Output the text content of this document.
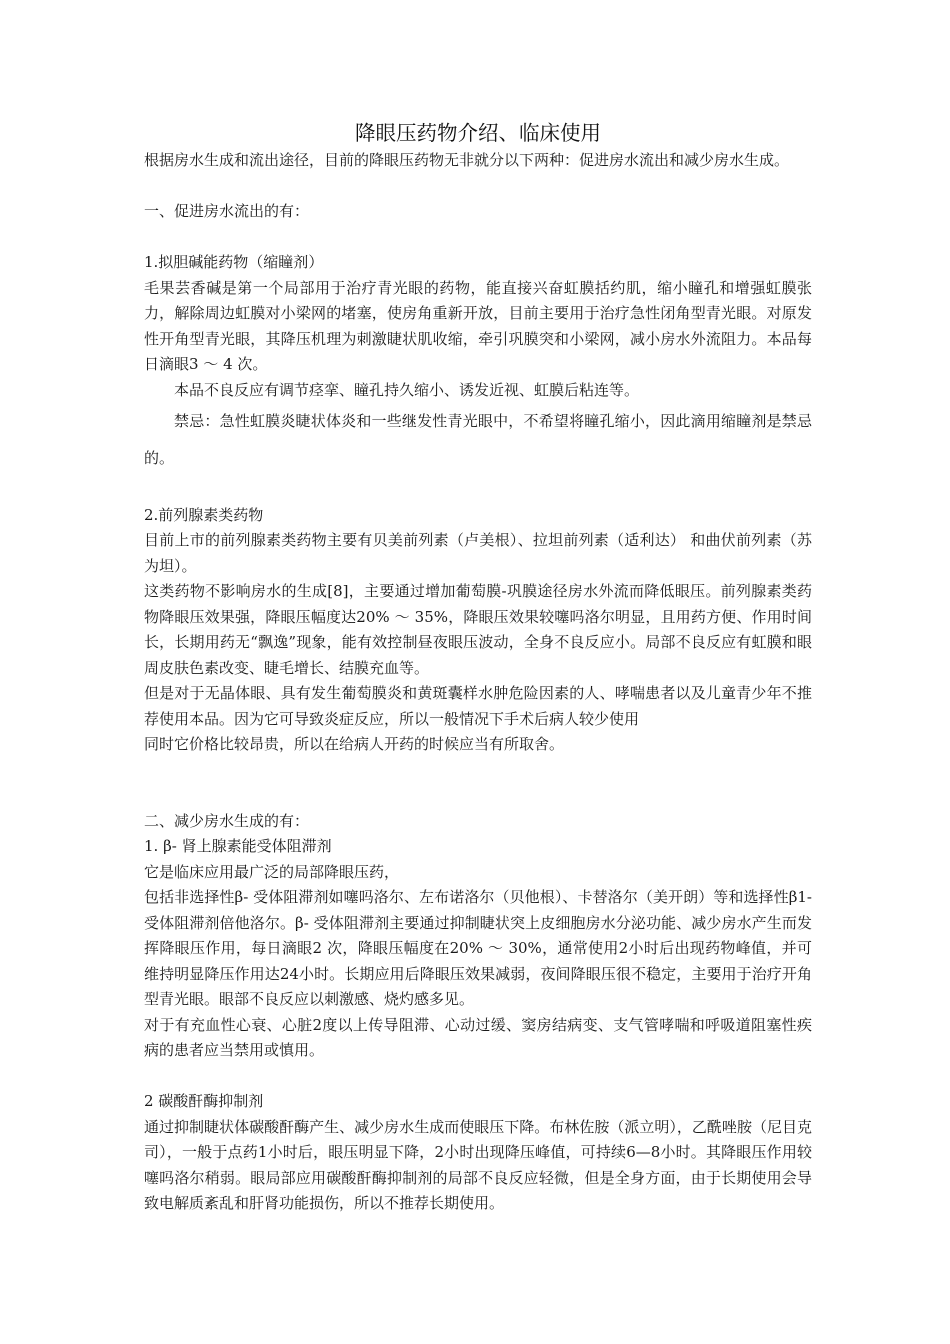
降眼压药物介绍、临床使用

根据房水生成和流出途径，目前的降眼压药物无非就分以下两种：促进房水流出和减少房水生成。

一、促进房水流出的有：

1.拟胆碱能药物（缩瞳剂）

毛果芸香碱是第一个局部用于治疗青光眼的药物，能直接兴奋虹膜括约肌，缩小瞳孔和增强虹膜张力，解除周边虹膜对小梁网的堵塞，使房角重新开放，目前主要用于治疗急性闭角型青光眼。对原发性开角型青光眼，其降压机理为刺激睫状肌收缩，牵引巩膜突和小梁网，减小房水外流阻力。本品每日滴眼3 ～ 4 次。

本品不良反应有调节痉挛、瞳孔持久缩小、诱发近视、虹膜后粘连等。

禁忌：急性虹膜炎睫状体炎和一些继发性青光眼中，不希望将瞳孔缩小，因此滴用缩瞳剂是禁忌的。

2.前列腺素类药物

目前上市的前列腺素类药物主要有贝美前列素（卢美根）、拉坦前列素（适利达） 和曲伏前列素（苏为坦）。

这类药物不影响房水的生成[8]，主要通过增加葡萄膜-巩膜途径房水外流而降低眼压。前列腺素类药物降眼压效果强，降眼压幅度达20% ～ 35%，降眼压效果较噻吗洛尔明显，且用药方便、作用时间长，长期用药无“飘逸”现象，能有效控制昼夜眼压波动，全身不良反应小。局部不良反应有虹膜和眼周皮肤色素改变、睫毛增长、结膜充血等。

但是对于无晶体眼、具有发生葡萄膜炎和黄斑囊样水肿危险因素的人、哮喘患者以及儿童青少年不推荐使用本品。因为它可导致炎症反应，所以一般情况下手术后病人较少使用

同时它价格比较昂贵，所以在给病人开药的时候应当有所取舍。

二、减少房水生成的有：

1. β- 肾上腺素能受体阻滞剂

它是临床应用最广泛的局部降眼压药，

包括非选择性β- 受体阻滞剂如噻吗洛尔、左布诺洛尔（贝他根）、卡替洛尔（美开朗）等和选择性β1- 受体阻滞剂倍他洛尔。β- 受体阻滞剂主要通过抑制睫状突上皮细胞房水分泌功能、减少房水产生而发挥降眼压作用，每日滴眼2 次，降眼压幅度在20% ～ 30%，通常使用2小时后出现药物峰值，并可维持明显降压作用达24小时。长期应用后降眼压效果减弱，夜间降眼压很不稳定，主要用于治疗开角型青光眼。眼部不良反应以刺激感、烧灼感多见。

对于有充血性心衰、心脏2度以上传导阻滞、心动过缓、窦房结病变、支气管哮喘和呼吸道阻塞性疾病的患者应当禁用或慎用。

2 碳酸酐酶抑制剂

通过抑制睫状体碳酸酐酶产生、减少房水生成而使眼压下降。布林佐胺（派立明），乙酰唑胺（尼目克司），一般于点药1小时后，眼压明显下降，2小时出现降压峰值，可持续6—8小时。其降眼压作用较噻吗洛尔稍弱。眼局部应用碳酸酐酶抑制剂的局部不良反应轻微，但是全身方面，由于长期使用会导致电解质紊乱和肝肾功能损伤，所以不推荐长期使用。
